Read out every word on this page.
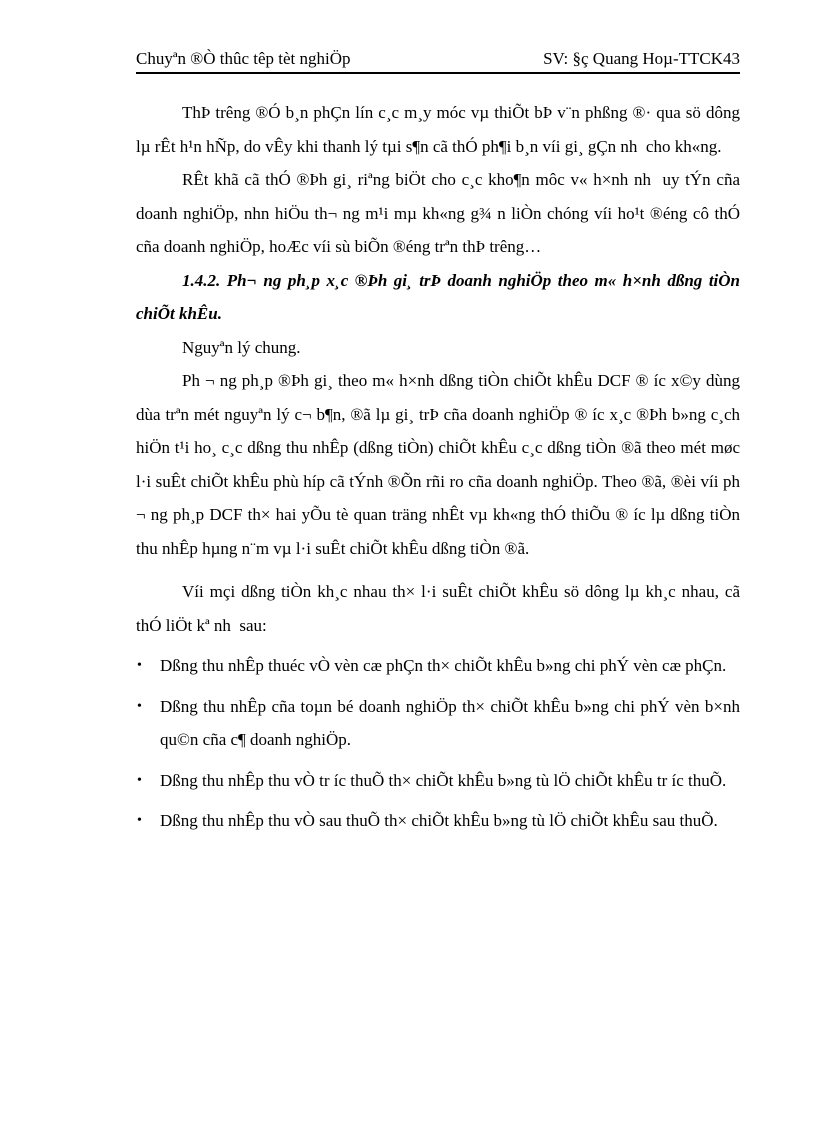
Chuyªn ®Ò thûc têp tèt nghiÖp	SV: §ç Quang Hoµ-TTCK43

ThÞ trêng ®Ó b¸n phÇn lín c¸c m¸y móc vµ thiÕt bÞ v¨n phßng ®· qua sö dông lµ rÊt h¹n hÑp, do vÊy khi thanh lý tµi s¶n cã thÓ ph¶i b¸n víi gi¸ gÇn nh  cho kh«ng.

RÊt khã cã thÓ ®Þh gi¸ riªng biÖt cho c¸c kho¶n môc v« h×nh nh  uy tÝn cña doanh nghiÖp, nhn hiÖu th¬ ng m¹i mµ kh«ng g¾ n liÒn chóng víi ho¹t ®éng cô thÓ cña doanh nghiÖp, hoÆc víi sù biÕn ®éng trªn thÞ trêng…

1.4.2. Ph¬ ng ph¸p x¸c ®Þh gi¸ trÞ doanh nghiÖp theo m« h×nh dßng tiÒn chiÕt khÊu.

Nguyªn lý chung.

Ph ¬ ng ph¸p ®Þh gi¸ theo m« h×nh dßng tiÒn chiÕt khÊu DCF ® íc x©y dùng dùa trªn mét nguyªn lý c¬ b¶n, ®ã lµ gi¸ trÞ cña doanh nghiÖp ® íc x¸c ®Þh b»ng c¸ch hiÖn t¹i ho¸ c¸c dßng thu nhÊp (dßng tiÒn) chiÕt khÊu c¸c dßng tiÒn ®ã theo mét møc l·i suÊt chiÕt khÊu phù híp cã tÝnh ®Õn rñi ro cña doanh nghiÖp. Theo ®ã, ®èi víi ph ¬ ng ph¸p DCF th× hai yÕu tè quan träng nhÊt vµ kh«ng thÓ thiÕu ® íc lµ dßng tiÒn thu nhÊp hµng n¨m vµ l·i suÊt chiÕt khÊu dßng tiÒn ®ã.

Víi mçi dßng tiÒn kh¸c nhau th× l·i suÊt chiÕt khÊu sö dông lµ kh¸c nhau, cã thÓ liÖt kª nh  sau:

• Dßng thu nhÊp thuéc vÒ vèn cæ phÇn th× chiÕt khÊu b»ng chi phÝ vèn cæ phÇn.
• Dßng thu nhÊp cña toµn bé doanh nghiÖp th× chiÕt khÊu b»ng chi phÝ vèn b×nh qu©n cña c¶ doanh nghiÖp.
• Dßng thu nhÊp thu vÒ tr íc thuÕ th× chiÕt khÊu b»ng tù lÖ chiÕt khÊu tr íc thuÕ.
• Dßng thu nhÊp thu vÒ sau thuÕ th× chiÕt khÊu b»ng tù lÖ chiÕt khÊu sau thuÕ.
